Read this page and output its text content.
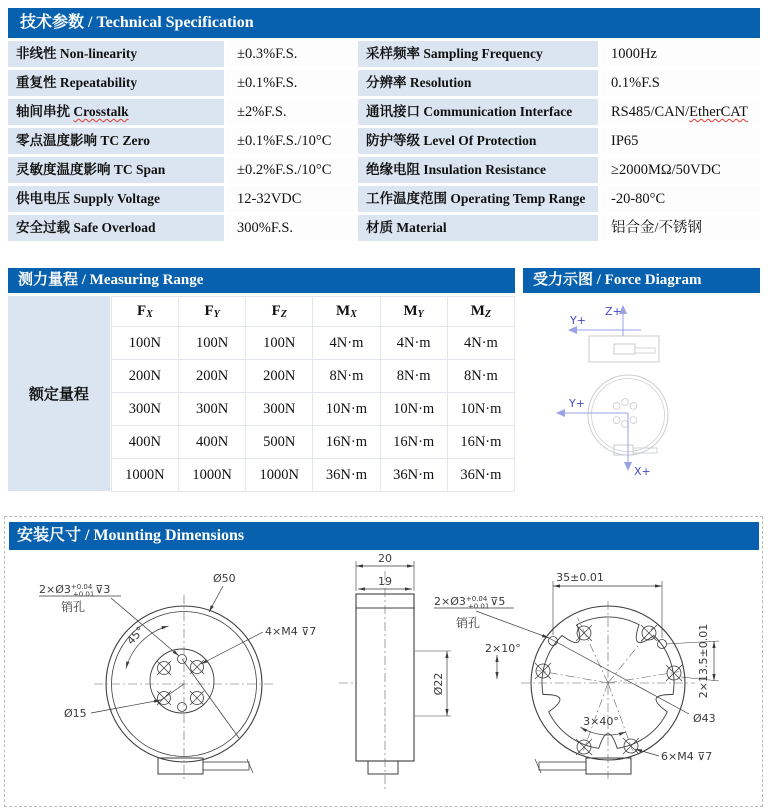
技术参数 / Technical Specification
非线性 Non-linearity	±0.3%F.S.	采样频率 Sampling Frequency	1000Hz
重复性 Repeatability	±0.1%F.S.	分辨率 Resolution	0.1%F.S
轴间串扰 Crosstalk	±2%F.S.	通讯接口 Communication Interface	RS485/CAN/EtherCAT
零点温度影响 TC Zero	±0.1%F.S./10°C	防护等级 Level Of Protection	IP65
灵敏度温度影响 TC Span	±0.2%F.S./10°C	绝缘电阻 Insulation Resistance	≥2000MΩ/50VDC
供电电压 Supply Voltage	12-32VDC	工作温度范围 Operating Temp Range	-20-80°C
安全过载 Safe Overload	300%F.S.	材质 Material	铝合金/不锈钢
测力量程 / Measuring Range
额定量程
FX	FY	FZ	MX	MY	MZ
100N	100N	100N	4N·m	4N·m	4N·m
200N	200N	200N	8N·m	8N·m	8N·m
300N	300N	300N	10N·m	10N·m	10N·m
400N	400N	500N	16N·m	16N·m	16N·m
1000N	1000N	1000N	36N·m	36N·m	36N·m
受力示图 / Force Diagram
Z+
Y+
Y+
X+
安装尺寸 / Mounting Dimensions
$2\times Ø3^{+0.04}$ +0.01⊽3
销孔
Ø50
4×M4 ⊽7
45°
Ø15
20
19
Ø22
35±0.01
$2\times Ø3^{+0.04}$ +0.01⊽5
销孔
2×10°	2×13.5±0.01
3×40°	Ø43
6×M4 ⊽7
